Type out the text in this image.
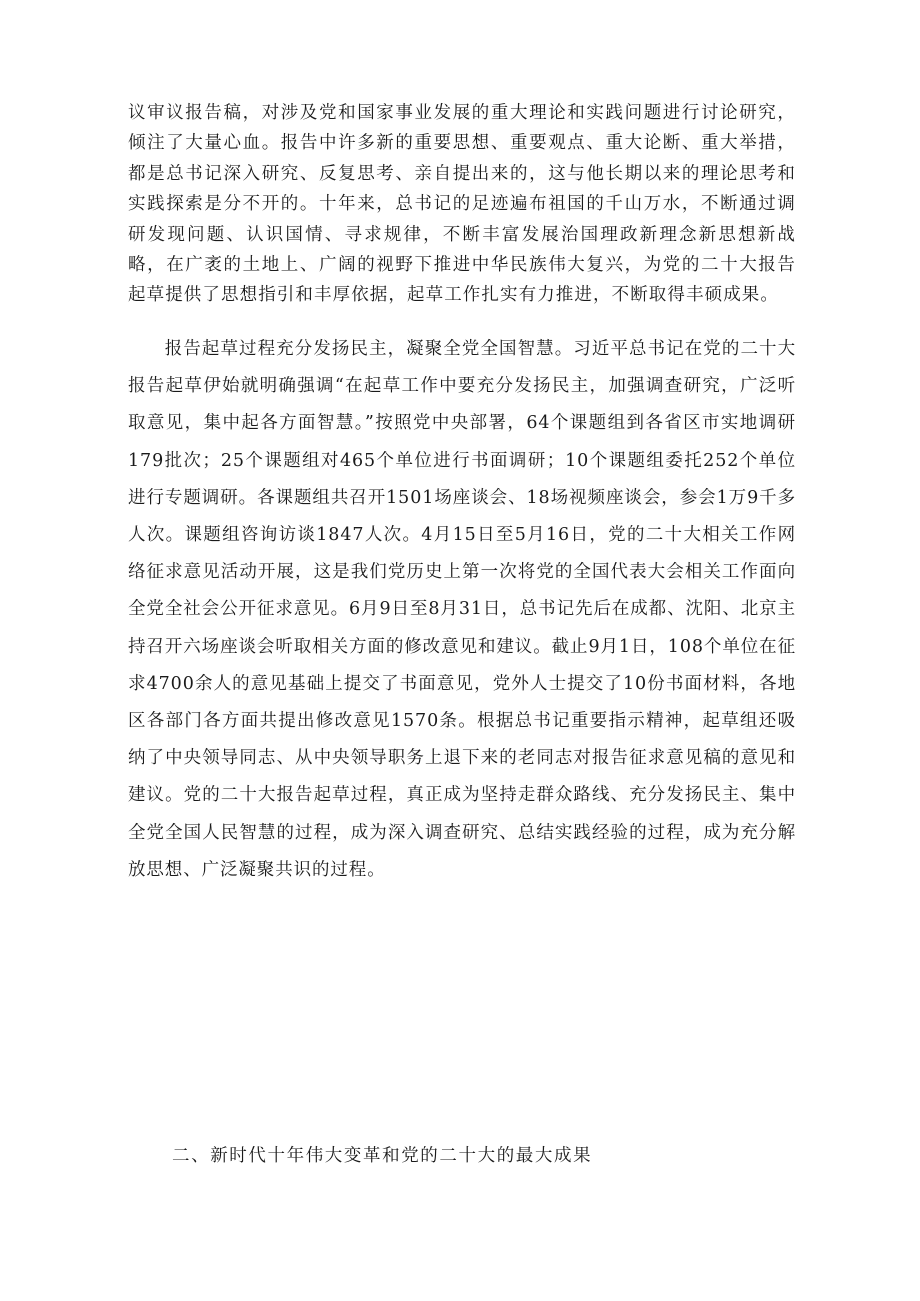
议审议报告稿，对涉及党和国家事业发展的重大理论和实践问题进行讨论研究，倾注了大量心血。报告中许多新的重要思想、重要观点、重大论断、重大举措，都是总书记深入研究、反复思考、亲自提出来的，这与他长期以来的理论思考和实践探索是分不开的。十年来，总书记的足迹遍布祖国的千山万水，不断通过调研发现问题、认识国情、寻求规律，不断丰富发展治国理政新理念新思想新战略，在广袤的土地上、广阔的视野下推进中华民族伟大复兴，为党的二十大报告起草提供了思想指引和丰厚依据，起草工作扎实有力推进，不断取得丰硕成果。

报告起草过程充分发扬民主，凝聚全党全国智慧。习近平总书记在党的二十大报告起草伊始就明确强调“在起草工作中要充分发扬民主，加强调查研究，广泛听取意见，集中起各方面智慧。”按照党中央部署，64个课题组到各省区市实地调研179批次；25个课题组对465个单位进行书面调研；10个课题组委托252个单位进行专题调研。各课题组共召开1501场座谈会、18场视频座谈会，参会1万9千多人次。课题组咨询访谈1847人次。4月15日至5月16日，党的二十大相关工作网络征求意见活动开展，这是我们党历史上第一次将党的全国代表大会相关工作面向全党全社会公开征求意见。6月9日至8月31日，总书记先后在成都、沈阳、北京主持召开六场座谈会听取相关方面的修改意见和建议。截止9月1日，108个单位在征求4700余人的意见基础上提交了书面意见，党外人士提交了10份书面材料，各地区各部门各方面共提出修改意见1570条。根据总书记重要指示精神，起草组还吸纳了中央领导同志、从中央领导职务上退下来的老同志对报告征求意见稿的意见和建议。党的二十大报告起草过程，真正成为坚持走群众路线、充分发扬民主、集中全党全国人民智慧的过程，成为深入调查研究、总结实践经验的过程，成为充分解放思想、广泛凝聚共识的过程。

二、新时代十年伟大变革和党的二十大的最大成果
